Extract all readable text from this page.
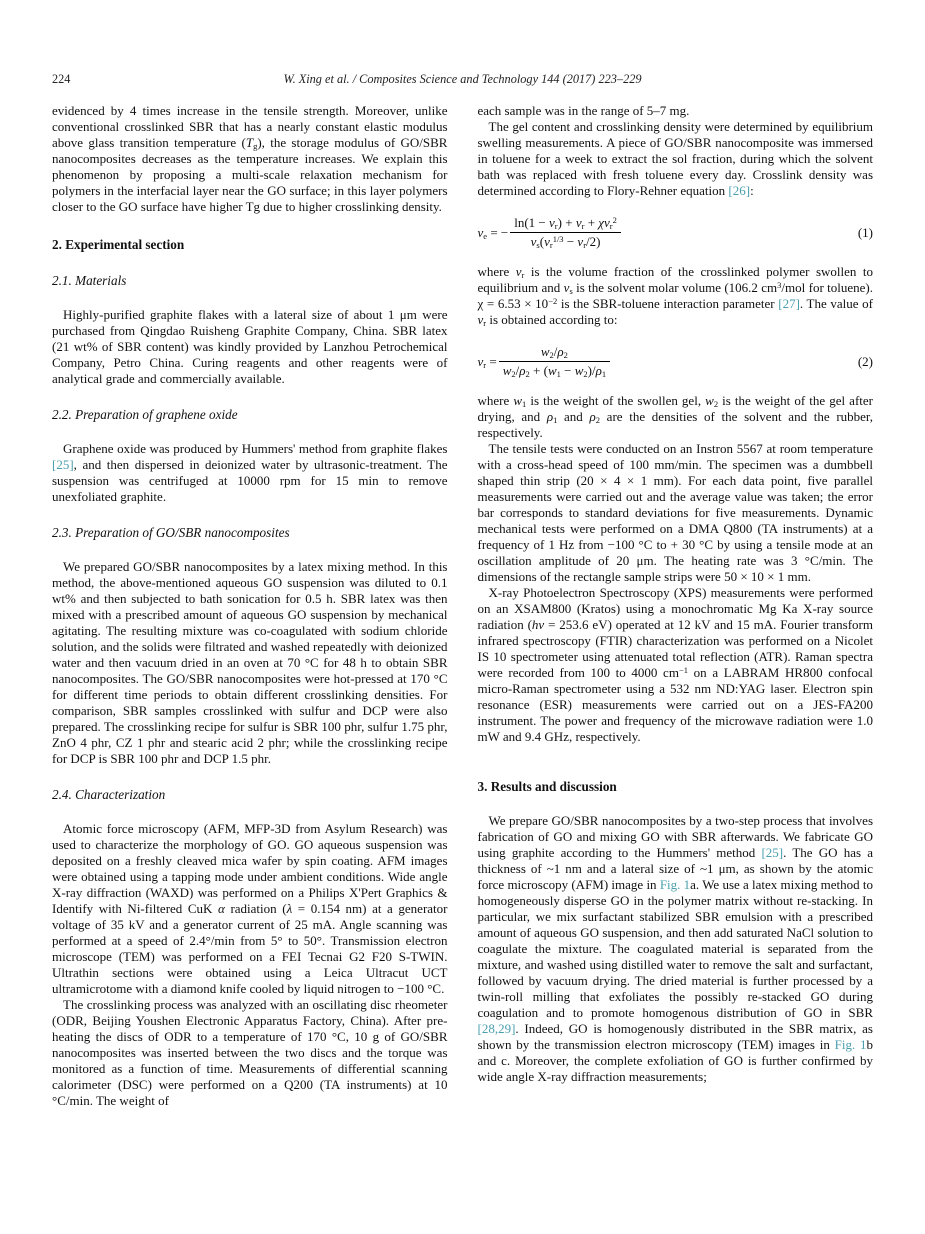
224	W. Xing et al. / Composites Science and Technology 144 (2017) 223–229

evidenced by 4 times increase in the tensile strength. Moreover, unlike conventional crosslinked SBR that has a nearly constant elastic modulus above glass transition temperature $(T_g)$, the storage modulus of GO/SBR nanocomposites decreases as the temperature increases. We explain this phenomenon by proposing a multi-scale relaxation mechanism for polymers in the interfacial layer near the GO surface; in this layer polymers closer to the GO surface have higher Tg due to higher crosslinking density.

2. Experimental section
2.1. Materials

Highly-purified graphite flakes with a lateral size of about 1 μm were purchased from Qingdao Ruisheng Graphite Company, China. SBR latex (21 wt% of SBR content) was kindly provided by Lanzhou Petrochemical Company, Petro China. Curing reagents and other reagents were of analytical grade and commercially available.

2.2. Preparation of graphene oxide

Graphene oxide was produced by Hummers' method from graphite flakes [25], and then dispersed in deionized water by ultrasonic-treatment. The suspension was centrifuged at 10000 rpm for 15 min to remove unexfoliated graphite.

2.3. Preparation of GO/SBR nanocomposites

We prepared GO/SBR nanocomposites by a latex mixing method. In this method, the above-mentioned aqueous GO suspension was diluted to 0.1 wt% and then subjected to bath sonication for 0.5 h. SBR latex was then mixed with a prescribed amount of aqueous GO suspension by mechanical agitating. The resulting mixture was co-coagulated with sodium chloride solution, and the solids were filtrated and washed repeatedly with deionized water and then vacuum dried in an oven at 70 °C for 48 h to obtain SBR nanocomposites. The GO/SBR nanocomposites were hot-pressed at 170 °C for different time periods to obtain different crosslinking densities. For comparison, SBR samples crosslinked with sulfur and DCP were also prepared. The crosslinking recipe for sulfur is SBR 100 phr, sulfur 1.75 phr, ZnO 4 phr, CZ 1 phr and stearic acid 2 phr; while the crosslinking recipe for DCP is SBR 100 phr and DCP 1.5 phr.

2.4. Characterization

Atomic force microscopy (AFM, MFP-3D from Asylum Research) was used to characterize the morphology of GO. GO aqueous suspension was deposited on a freshly cleaved mica wafer by spin coating. AFM images were obtained using a tapping mode under ambient conditions. Wide angle X-ray diffraction (WAXD) was performed on a Philips X'Pert Graphics & Identify with Ni-filtered CuK α radiation (λ = 0.154 nm) at a generator voltage of 35 kV and a generator current of 25 mA. Angle scanning was performed at a speed of 2.4°/min from 5° to 50°. Transmission electron microscope (TEM) was performed on a FEI Tecnai G2 F20 S-TWIN. Ultrathin sections were obtained using a Leica Ultracut UCT ultramicrotome with a diamond knife cooled by liquid nitrogen to −100 °C.

The crosslinking process was analyzed with an oscillating disc rheometer (ODR, Beijing Youshen Electronic Apparatus Factory, China). After pre-heating the discs of ODR to a temperature of 170 °C, 10 g of GO/SBR nanocomposites was inserted between the two discs and the torque was monitored as a function of time. Measurements of differential scanning calorimeter (DSC) were performed on a Q200 (TA instruments) at 10 °C/min. The weight of

each sample was in the range of 5–7 mg.

The gel content and crosslinking density were determined by equilibrium swelling measurements. A piece of GO/SBR nanocomposite was immersed in toluene for a week to extract the sol fraction, during which the solvent bath was replaced with fresh toluene every day. Crosslink density was determined according to Flory-Rehner equation [26]:

$\nu_e$ = − $\frac{\ln(1 - \nu_r) + \nu_r + \chi\nu_r^2}{\nu_s(\nu_r^{1/3} - \nu_r/2)}$	(1)

where $\nu_r$ is the volume fraction of the crosslinked polymer swollen to equilibrium and $\nu_s$ is the solvent molar volume (106.2 $cm^3$/mol for toluene). $\chi = 6.53 \times 10^{-2}$ is the SBR-toluene interaction parameter [27]. The value of $\nu_r$ is obtained according to:

$\nu_r = \frac{w_2/\rho_2}{w_2/\rho_2 + (w_1 - w_2)/\rho_1}$	(2)

where $w_1$ is the weight of the swollen gel, $w_2$ is the weight of the gel after drying, and $\rho_1$ and $\rho_2$ are the densities of the solvent and the rubber, respectively.

The tensile tests were conducted on an Instron 5567 at room temperature with a cross-head speed of 100 mm/min. The specimen was a dumbbell shaped thin strip (20 × 4 × 1 mm). For each data point, five parallel measurements were carried out and the average value was taken; the error bar corresponds to standard deviations for five measurements. Dynamic mechanical tests were performed on a DMA Q800 (TA instruments) at a frequency of 1 Hz from −100 °C to + 30 °C by using a tensile mode at an oscillation amplitude of 20 μm. The heating rate was 3 °C/min. The dimensions of the rectangle sample strips were 50 × 10 × 1 mm.

X-ray Photoelectron Spectroscopy (XPS) measurements were performed on an XSAM800 (Kratos) using a monochromatic Mg Ka X-ray source radiation (hν = 253.6 eV) operated at 12 kV and 15 mA. Fourier transform infrared spectroscopy (FTIR) characterization was performed on a Nicolet IS 10 spectrometer using attenuated total reflection (ATR). Raman spectra were recorded from 100 to 4000 $cm^{-1}$ on a LABRAM HR800 confocal micro-Raman spectrometer using a 532 nm ND:YAG laser. Electron spin resonance (ESR) measurements were carried out on a JES-FA200 instrument. The power and frequency of the microwave radiation were 1.0 mW and 9.4 GHz, respectively.

3. Results and discussion

We prepare GO/SBR nanocomposites by a two-step process that involves fabrication of GO and mixing GO with SBR afterwards. We fabricate GO using graphite according to the Hummers' method [25]. The GO has a thickness of ~1 nm and a lateral size of ~1 μm, as shown by the atomic force microscopy (AFM) image in Fig. 1a. We use a latex mixing method to homogeneously disperse GO in the polymer matrix without re-stacking. In particular, we mix surfactant stabilized SBR emulsion with a prescribed amount of aqueous GO suspension, and then add saturated NaCl solution to coagulate the mixture. The coagulated material is separated from the mixture, and washed using distilled water to remove the salt and surfactant, followed by vacuum drying. The dried material is further processed by a twin-roll milling that exfoliates the possibly re-stacked GO during coagulation and to promote homogenous distribution of GO in SBR [28,29]. Indeed, GO is homogenously distributed in the SBR matrix, as shown by the transmission electron microscopy (TEM) images in Fig. 1b and c. Moreover, the complete exfoliation of GO is further confirmed by wide angle X-ray diffraction measurements;
